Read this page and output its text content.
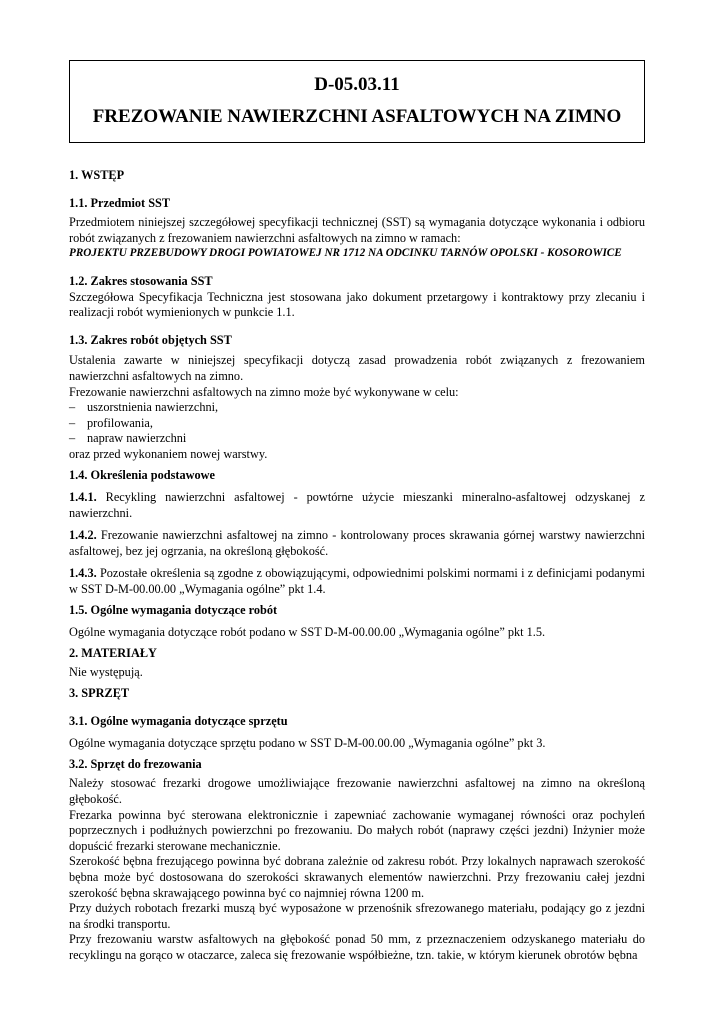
D-05.03.11
FREZOWANIE NAWIERZCHNI ASFALTOWYCH NA ZIMNO
1. WSTĘP
1.1. Przedmiot SST

Przedmiotem niniejszej szczegółowej specyfikacji technicznej (SST) są wymagania dotyczące wykonania i odbioru robót związanych z frezowaniem nawierzchni asfaltowych na zimno w ramach:

PROJEKTU PRZEBUDOWY DROGI POWIATOWEJ NR 1712 NA ODCINKU TARNÓW OPOLSKI - KOSOROWICE

1.2. Zakres stosowania SST

Szczegółowa Specyfikacja Techniczna jest stosowana jako dokument przetargowy i kontraktowy przy zlecaniu i realizacji robót wymienionych w punkcie 1.1.

1.3. Zakres robót objętych SST

Ustalenia zawarte w niniejszej specyfikacji dotyczą zasad prowadzenia robót związanych z frezowaniem nawierzchni asfaltowych na zimno.

Frezowanie nawierzchni asfaltowych na zimno może być wykonywane w celu:

– uszorstnienia nawierzchni,
– profilowania,
– napraw nawierzchni

oraz przed wykonaniem nowej warstwy.

1.4. Określenia podstawowe

1.4.1. Recykling nawierzchni asfaltowej - powtórne użycie mieszanki mineralno-asfaltowej odzyskanej z nawierzchni.

1.4.2. Frezowanie nawierzchni asfaltowej na zimno - kontrolowany proces skrawania górnej warstwy nawierzchni asfaltowej, bez jej ogrzania, na określoną głębokość.

1.4.3. Pozostałe określenia są zgodne z obowiązującymi, odpowiednimi polskimi normami i z definicjami podanymi w SST D-M-00.00.00 „Wymagania ogólne” pkt 1.4.

1.5. Ogólne wymagania dotyczące robót

Ogólne wymagania dotyczące robót podano w SST D-M-00.00.00 „Wymagania ogólne” pkt 1.5.

2. MATERIAŁY

Nie występują.

3. SPRZĘT
3.1. Ogólne wymagania dotyczące sprzętu

Ogólne wymagania dotyczące sprzętu podano w SST D-M-00.00.00 „Wymagania ogólne” pkt 3.

3.2. Sprzęt do frezowania

Należy stosować frezarki drogowe umożliwiające frezowanie nawierzchni asfaltowej na zimno na określoną głębokość.

Frezarka powinna być sterowana elektronicznie i zapewniać zachowanie wymaganej równości oraz pochyleń poprzecznych i podłużnych powierzchni po frezowaniu. Do małych robót (naprawy części jezdni) Inżynier może dopuścić frezarki sterowane mechanicznie.

Szerokość bębna frezującego powinna być dobrana zależnie od zakresu robót. Przy lokalnych naprawach szerokość bębna może być dostosowana do szerokości skrawanych elementów nawierzchni. Przy frezowaniu całej jezdni szerokość bębna skrawającego powinna być co najmniej równa 1200 m.

Przy dużych robotach frezarki muszą być wyposażone w przenośnik sfrezowanego materiału, podający go z jezdni na środki transportu.

Przy frezowaniu warstw asfaltowych na głębokość ponad 50 mm, z przeznaczeniem odzyskanego materiału do recyklingu na gorąco w otaczarce, zaleca się frezowanie współbieżne, tzn. takie, w którym kierunek obrotów bębna
